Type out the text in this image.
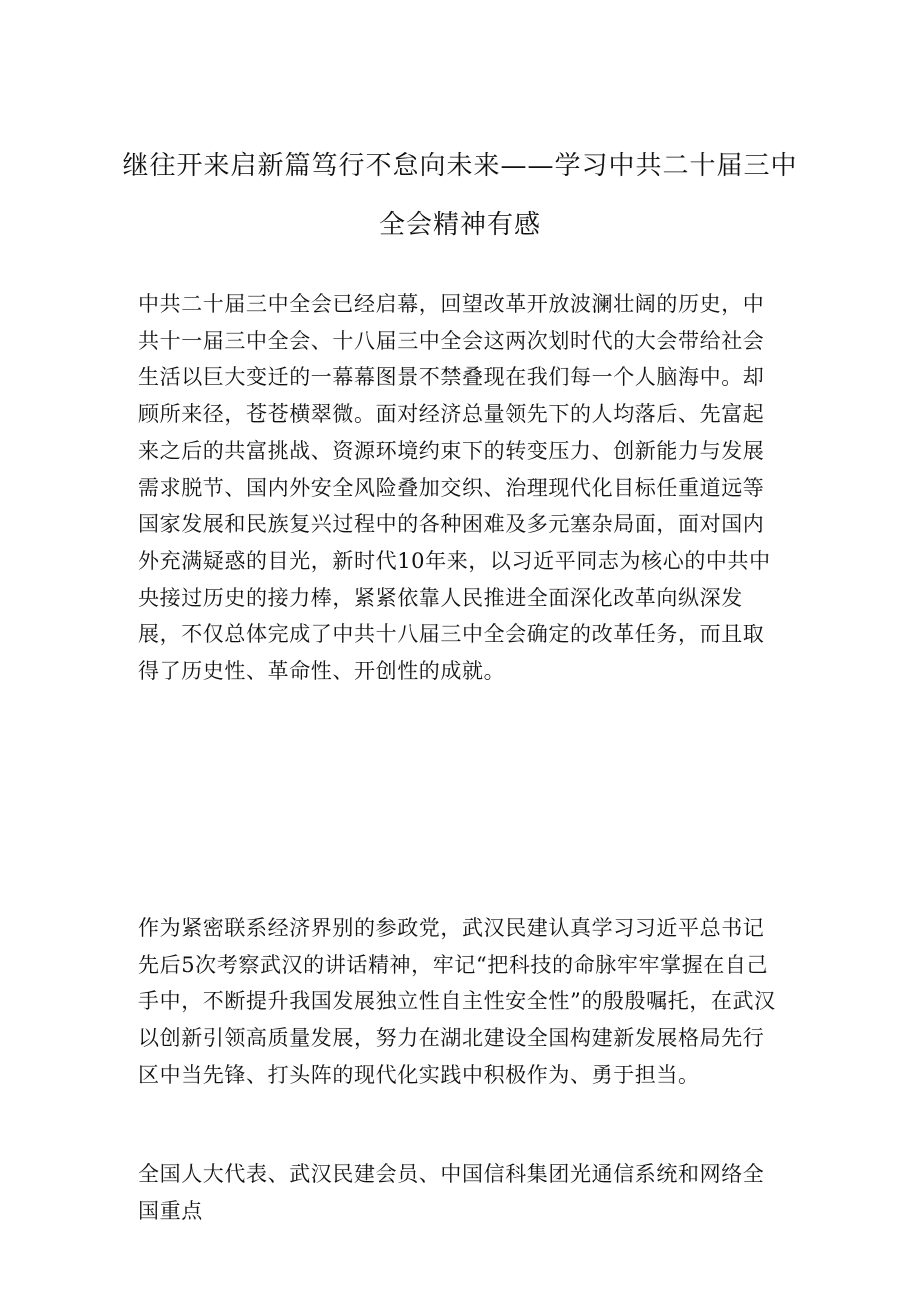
继往开来启新篇笃行不怠向未来——学习中共二十届三中
全会精神有感

中共二十届三中全会已经启幕，回望改革开放波澜壮阔的历史，中共十一届三中全会、十八届三中全会这两次划时代的大会带给社会生活以巨大变迁的一幕幕图景不禁叠现在我们每一个人脑海中。却顾所来径，苍苍横翠微。面对经济总量领先下的人均落后、先富起来之后的共富挑战、资源环境约束下的转变压力、创新能力与发展需求脱节、国内外安全风险叠加交织、治理现代化目标任重道远等国家发展和民族复兴过程中的各种困难及多元塞杂局面，面对国内外充满疑惑的目光，新时代10年来，以习近平同志为核心的中共中央接过历史的接力棒，紧紧依靠人民推进全面深化改革向纵深发展，不仅总体完成了中共十八届三中全会确定的改革任务，而且取得了历史性、革命性、开创性的成就。

作为紧密联系经济界别的参政党，武汉民建认真学习习近平总书记先后5次考察武汉的讲话精神，牢记“把科技的命脉牢牢掌握在自己手中，不断提升我国发展独立性自主性安全性”的殷殷嘱托，在武汉以创新引领高质量发展，努力在湖北建设全国构建新发展格局先行区中当先锋、打头阵的现代化实践中积极作为、勇于担当。

全国人大代表、武汉民建会员、中国信科集团光通信系统和网络全国重点
